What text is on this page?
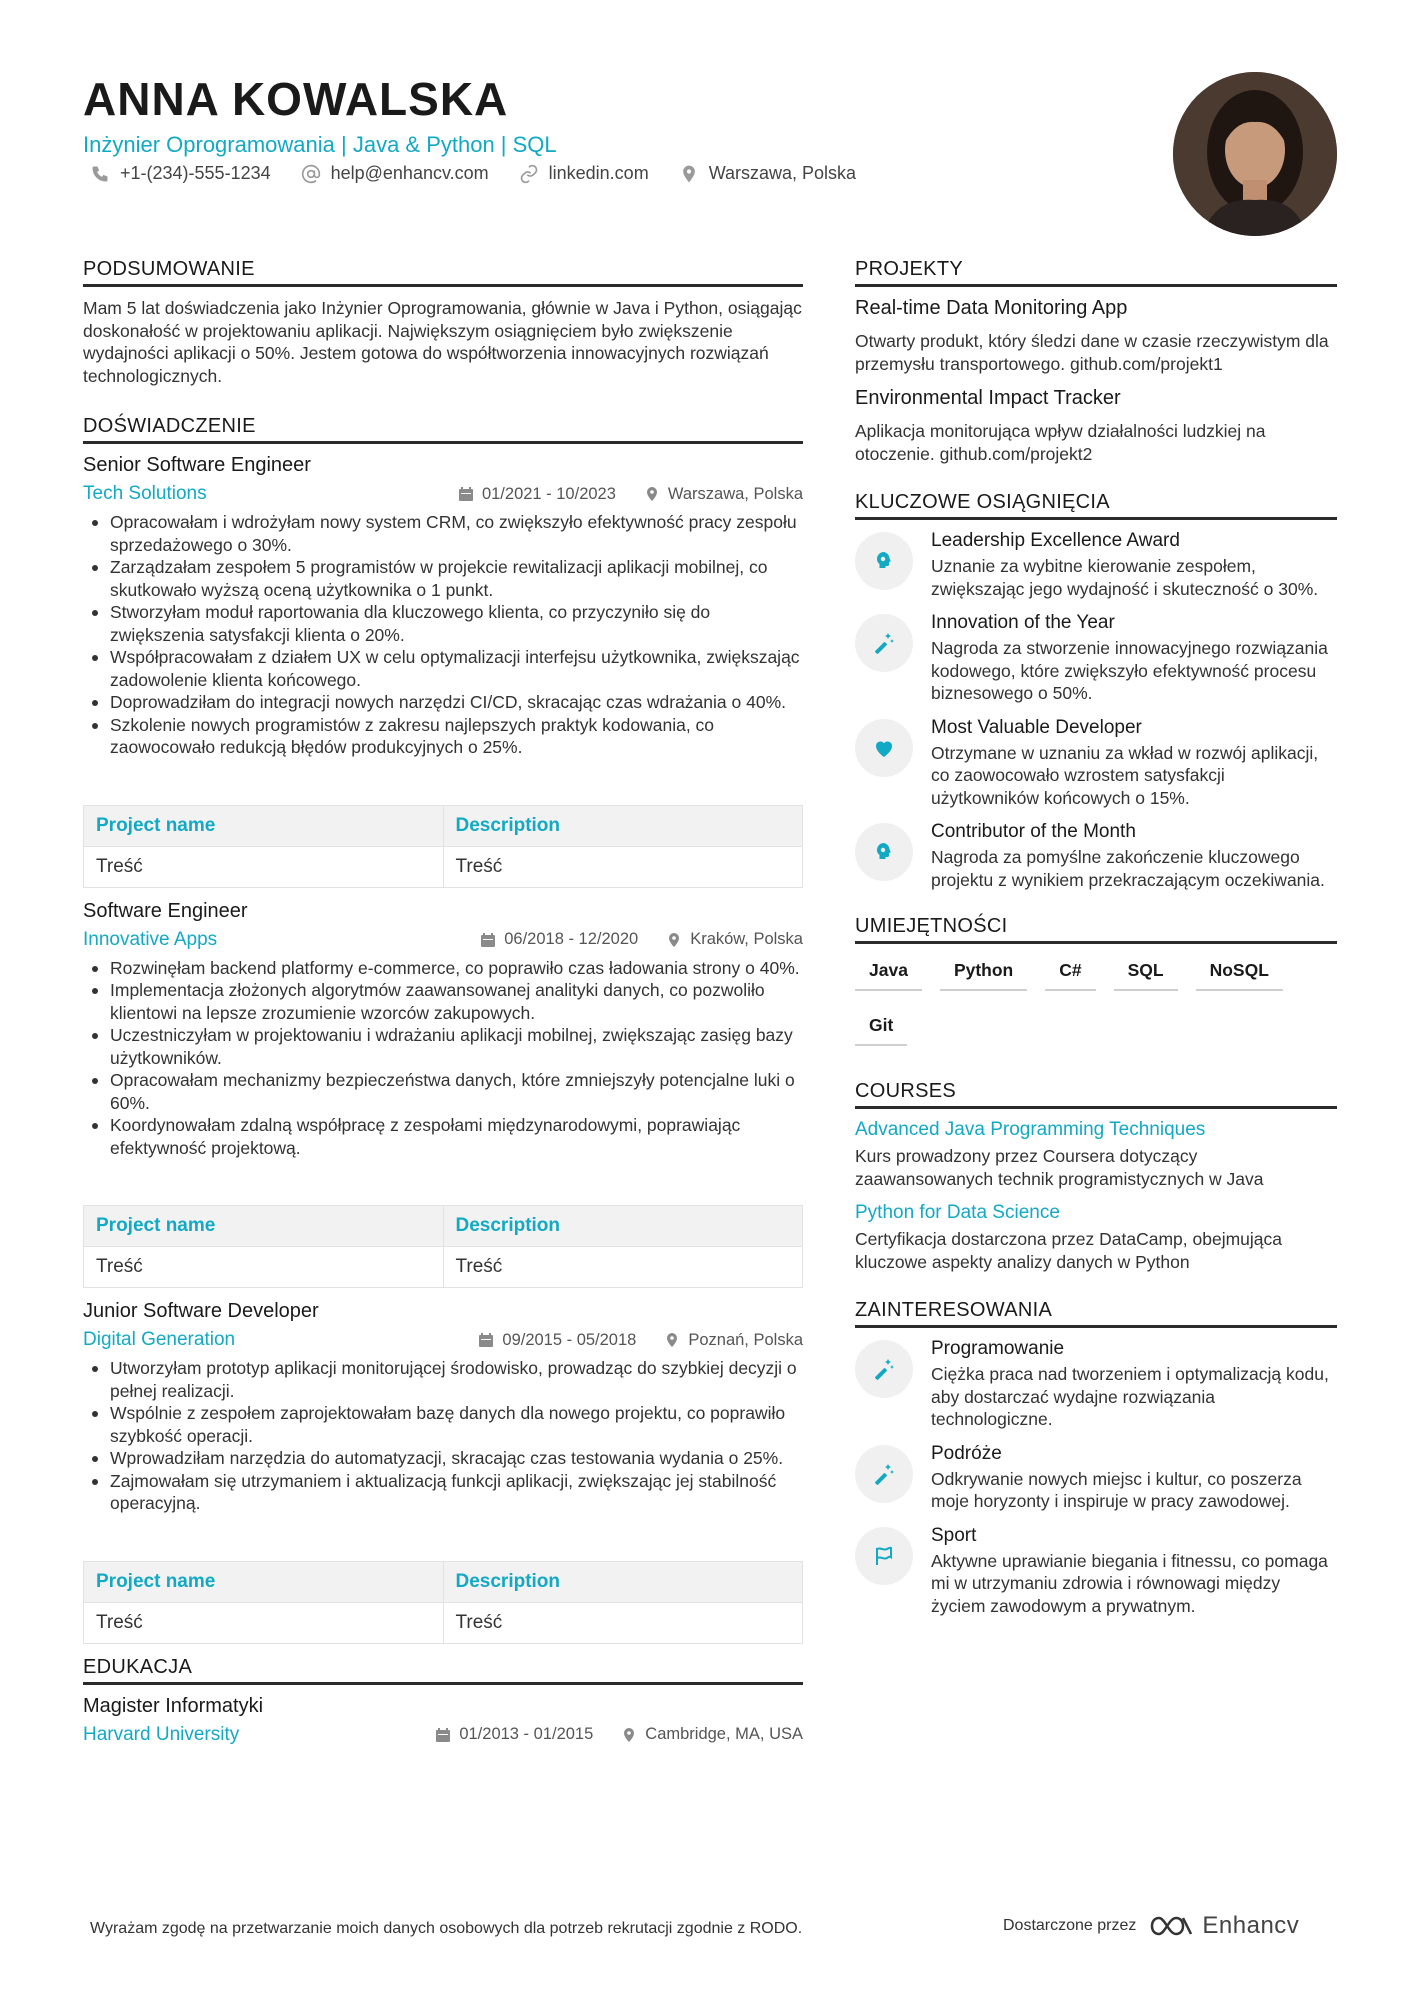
ANNA KOWALSKA
Inżynier Oprogramowania | Java & Python | SQL
+1-(234)-555-1234	help@enhancv.com	linkedin.com	Warszawa, Polska
PODSUMOWANIE
Mam 5 lat doświadczenia jako Inżynier Oprogramowania, głównie w Java i Python, osiągając doskonałość w projektowaniu aplikacji. Największym osiągnięciem było zwiększenie wydajności aplikacji o 50%. Jestem gotowa do współtworzenia innowacyjnych rozwiązań technologicznych.
DOŚWIADCZENIE
Senior Software Engineer
Tech Solutions	01/2021 - 10/2023	Warszawa, Polska
Opracowałam i wdrożyłam nowy system CRM, co zwiększyło efektywność pracy zespołu sprzedażowego o 30%.
Zarządzałam zespołem 5 programistów w projekcie rewitalizacji aplikacji mobilnej, co skutkowało wyższą oceną użytkownika o 1 punkt.
Stworzyłam moduł raportowania dla kluczowego klienta, co przyczyniło się do zwiększenia satysfakcji klienta o 20%.
Współpracowałam z działem UX w celu optymalizacji interfejsu użytkownika, zwiększając zadowolenie klienta końcowego.
Doprowadziłam do integracji nowych narzędzi CI/CD, skracając czas wdrażania o 40%.
Szkolenie nowych programistów z zakresu najlepszych praktyk kodowania, co zaowocowało redukcją błędów produkcyjnych o 25%.
Project name	Description
Treść	Treść
Software Engineer
Innovative Apps	06/2018 - 12/2020	Kraków, Polska
Rozwinęłam backend platformy e-commerce, co poprawiło czas ładowania strony o 40%.
Implementacja złożonych algorytmów zaawansowanej analityki danych, co pozwoliło klientowi na lepsze zrozumienie wzorców zakupowych.
Uczestniczyłam w projektowaniu i wdrażaniu aplikacji mobilnej, zwiększając zasięg bazy użytkowników.
Opracowałam mechanizmy bezpieczeństwa danych, które zmniejszyły potencjalne luki o 60%.
Koordynowałam zdalną współpracę z zespołami międzynarodowymi, poprawiając efektywność projektową.
Project name	Description
Treść	Treść
Junior Software Developer
Digital Generation	09/2015 - 05/2018	Poznań, Polska
Utworzyłam prototyp aplikacji monitorującej środowisko, prowadząc do szybkiej decyzji o pełnej realizacji.
Wspólnie z zespołem zaprojektowałam bazę danych dla nowego projektu, co poprawiło szybkość operacji.
Wprowadziłam narzędzia do automatyzacji, skracając czas testowania wydania o 25%.
Zajmowałam się utrzymaniem i aktualizacją funkcji aplikacji, zwiększając jej stabilność operacyjną.
Project name	Description
Treść	Treść
EDUKACJA
Magister Informatyki
Harvard University	01/2013 - 01/2015	Cambridge, MA, USA
PROJEKTY
Real-time Data Monitoring App
Otwarty produkt, który śledzi dane w czasie rzeczywistym dla przemysłu transportowego. github.com/projekt1
Environmental Impact Tracker
Aplikacja monitorująca wpływ działalności ludzkiej na otoczenie. github.com/projekt2
KLUCZOWE OSIĄGNIĘCIA
Leadership Excellence Award
Uznanie za wybitne kierowanie zespołem, zwiększając jego wydajność i skuteczność o 30%.
Innovation of the Year
Nagroda za stworzenie innowacyjnego rozwiązania kodowego, które zwiększyło efektywność procesu biznesowego o 50%.
Most Valuable Developer
Otrzymane w uznaniu za wkład w rozwój aplikacji, co zaowocowało wzrostem satysfakcji użytkowników końcowych o 15%.
Contributor of the Month
Nagroda za pomyślne zakończenie kluczowego projektu z wynikiem przekraczającym oczekiwania.
UMIEJĘTNOŚCI
Java	Python	C#	SQL	NoSQL
Git
COURSES
Advanced Java Programming Techniques
Kurs prowadzony przez Coursera dotyczący zaawansowanych technik programistycznych w Java
Python for Data Science
Certyfikacja dostarczona przez DataCamp, obejmująca kluczowe aspekty analizy danych w Python
ZAINTERESOWANIA
Programowanie
Ciężka praca nad tworzeniem i optymalizacją kodu, aby dostarczać wydajne rozwiązania technologiczne.
Podróże
Odkrywanie nowych miejsc i kultur, co poszerza moje horyzonty i inspiruje w pracy zawodowej.
Sport
Aktywne uprawianie biegania i fitnessu, co pomaga mi w utrzymaniu zdrowia i równowagi między życiem zawodowym a prywatnym.
Wyrażam zgodę na przetwarzanie moich danych osobowych dla potrzeb rekrutacji zgodnie z RODO.	Dostarczone przez	Enhancv
